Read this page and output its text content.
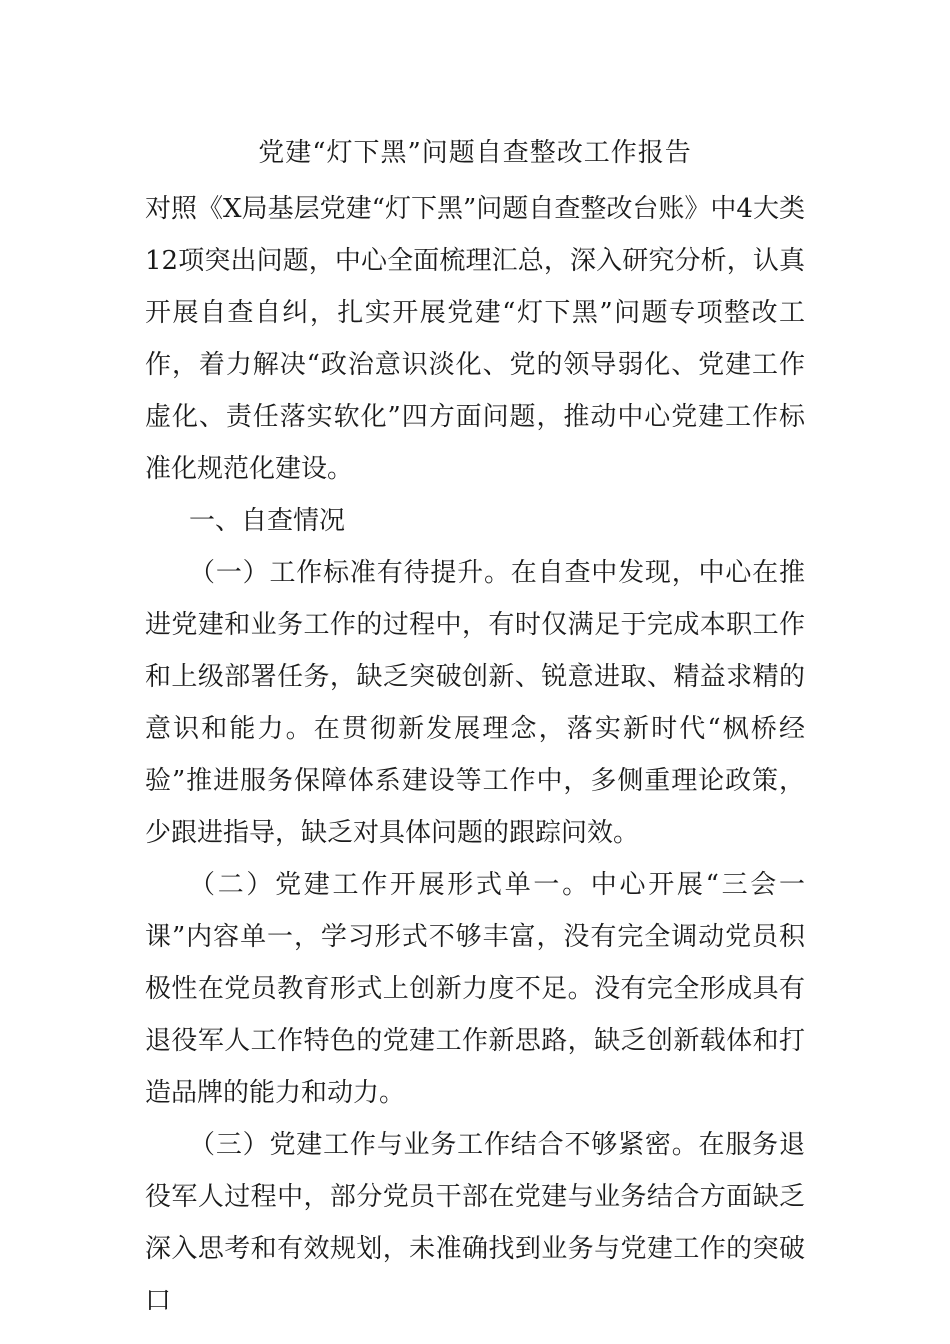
党建“灯下黑”问题自查整改工作报告

对照《X局基层党建“灯下黑”问题自查整改台账》中4大类12项突出问题，中心全面梳理汇总，深入研究分析，认真开展自查自纠，扎实开展党建“灯下黑”问题专项整改工作，着力解决“政治意识淡化、党的领导弱化、党建工作虚化、责任落实软化”四方面问题，推动中心党建工作标准化规范化建设。

一、自查情况

（一）工作标准有待提升。在自查中发现，中心在推进党建和业务工作的过程中，有时仅满足于完成本职工作和上级部署任务，缺乏突破创新、锐意进取、精益求精的意识和能力。在贯彻新发展理念，落实新时代“枫桥经验”推进服务保障体系建设等工作中，多侧重理论政策，少跟进指导，缺乏对具体问题的跟踪问效。

（二）党建工作开展形式单一。中心开展“三会一课”内容单一，学习形式不够丰富，没有完全调动党员积极性在党员教育形式上创新力度不足。没有完全形成具有退役军人工作特色的党建工作新思路，缺乏创新载体和打造品牌的能力和动力。

（三）党建工作与业务工作结合不够紧密。在服务退役军人过程中，部分党员干部在党建与业务结合方面缺乏深入思考和有效规划，未准确找到业务与党建工作的突破口
